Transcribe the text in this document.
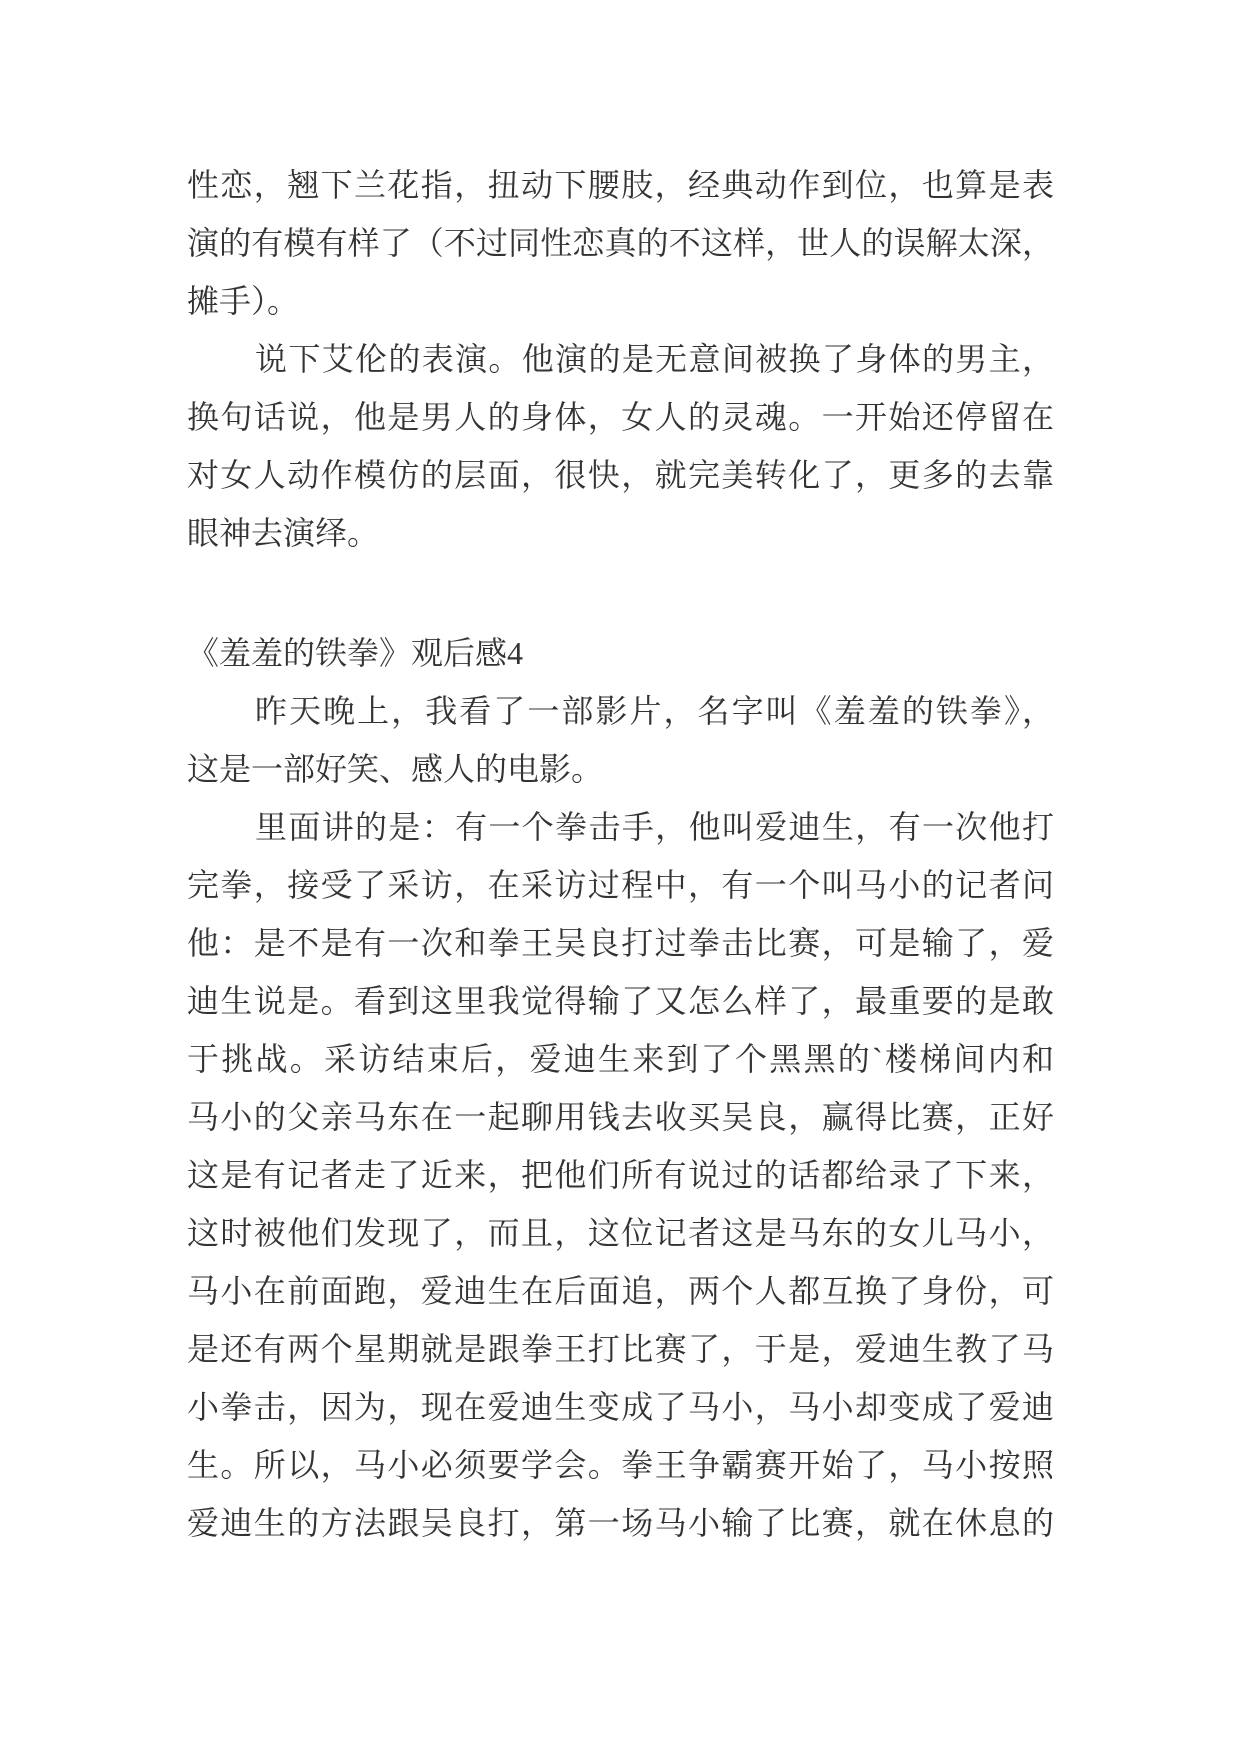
性恋，翘下兰花指，扭动下腰肢，经典动作到位，也算是表
演的有模有样了（不过同性恋真的不这样，世人的误解太深，
摊手）。
说下艾伦的表演。他演的是无意间被换了身体的男主，
换句话说，他是男人的身体，女人的灵魂。一开始还停留在
对女人动作模仿的层面，很快，就完美转化了，更多的去靠
眼神去演绎。
《羞羞的铁拳》观后感4
昨天晚上，我看了一部影片，名字叫《羞羞的铁拳》，
这是一部好笑、感人的电影。
里面讲的是：有一个拳击手，他叫爱迪生，有一次他打
完拳，接受了采访，在采访过程中，有一个叫马小的记者问
他：是不是有一次和拳王吴良打过拳击比赛，可是输了，爱
迪生说是。看到这里我觉得输了又怎么样了，最重要的是敢
于挑战。采访结束后，爱迪生来到了个黑黑的`楼梯间内和
马小的父亲马东在一起聊用钱去收买吴良，赢得比赛，正好
这是有记者走了近来，把他们所有说过的话都给录了下来，
这时被他们发现了，而且，这位记者这是马东的女儿马小，
马小在前面跑，爱迪生在后面追，两个人都互换了身份，可
是还有两个星期就是跟拳王打比赛了，于是，爱迪生教了马
小拳击，因为，现在爱迪生变成了马小，马小却变成了爱迪
生。所以，马小必须要学会。拳王争霸赛开始了，马小按照
爱迪生的方法跟吴良打，第一场马小输了比赛，就在休息的
